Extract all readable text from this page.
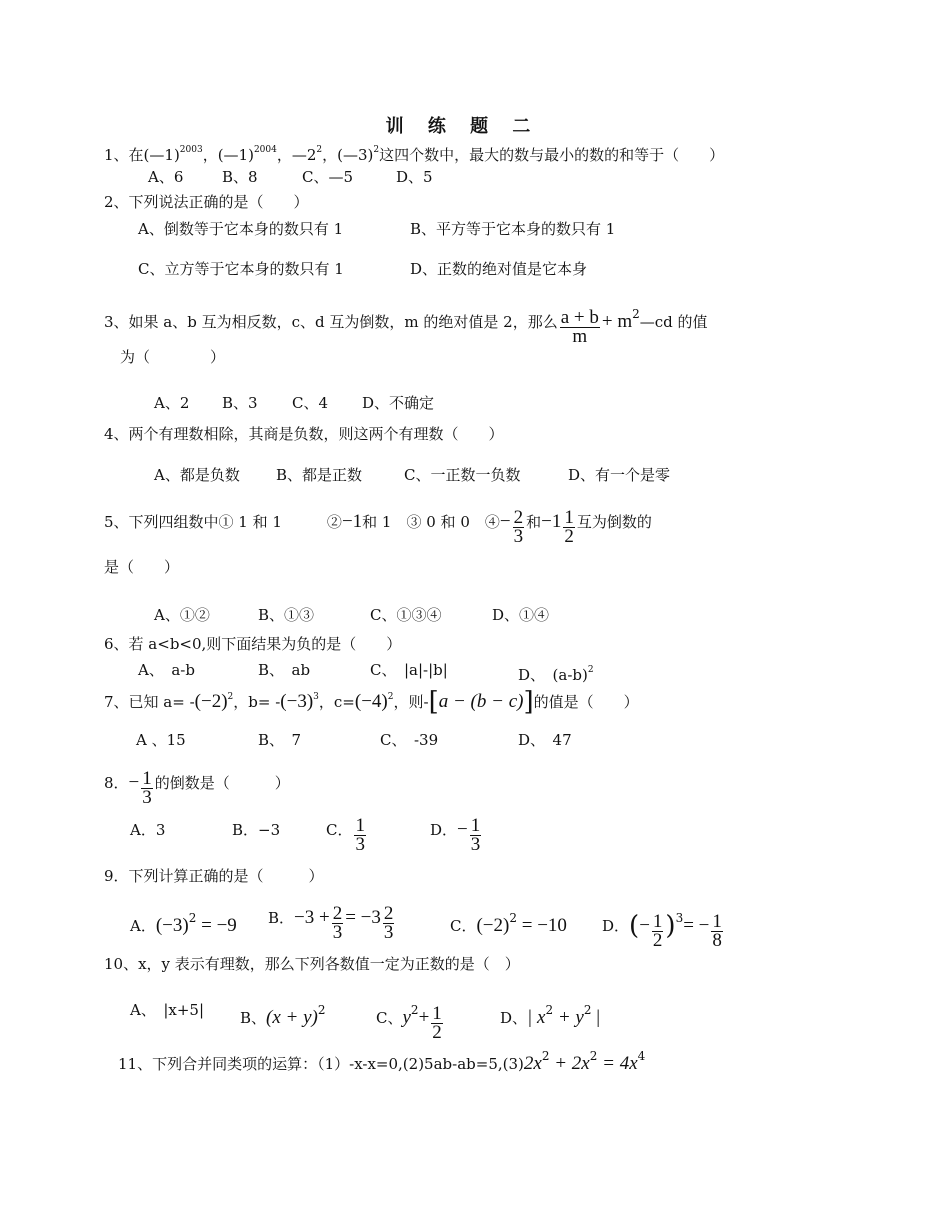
训 练 题 二
1、在(—1)$^{2003}$，(—1)$^{2004}$，$—2^2$，(—3)$^2$这四个数中，最大的数与最小的数的和等于（　　）
A、6	B、8	C、—5	D、5
2、下列说法正确的是（　　）
A、倒数等于它本身的数只有 1	B、平方等于它本身的数只有 1
C、立方等于它本身的数只有 1	D、正数的绝对值是它本身
3、如果 a、b 互为相反数，c、d 互为倒数，m 的绝对值是 2，那么 $\frac{a + b}{m}$ + $m^2—cd$ 的值
为（　　　　）
A、2 B、3 C、4 D、不确定
4、两个有理数相除，其商是负数，则这两个有理数（　　）
A、都是负数 B、都是正数	C、一正数一负数	D、有一个是零
5、下列四组数中① 1 和 1　　　②−1和 1　③ 0 和 0　④− $\frac{2}{3}$ 和$-1 \frac{1}{2}$ 互为倒数的
是（　　）
A、①②	B、①③	C、①③④	D、①④
6、若 a<b<0,则下面结果为负的是（　　）
A、　a-b	B、　ab	C、　|a|-|b|	D、　$(a-b)^2$
7、已知 $a= -(-2)^2$，$b= -(-3)^3$，$c=(-4)^2$，则-[a − (b − c)]的值是（　　）
A 、15	B、　7	C、　-39	D、　47
8．− $\frac{1}{3}$ 的倒数是（　　　）
A．3	B．−3	C． $\frac{1}{3}$	D．− $\frac{1}{3}$
9．下列计算正确的是（　　　）
A．$(-3)^2 = -9$ B．$-3 + \frac{2}{3} = -3 \frac{2}{3}$	C．$(-2)^2 = -10$ D．(− $\frac{1}{2} )^3= - \frac{1}{8}$
10、x，y 表示有理数，那么下列各数值一定为正数的是（　）
A、　|x+5| B、$(x + y)^2$	C、$y^2+ \frac{1}{2}$	D、| $x^2 + y^2$ |
11、下列合并同类项的运算：$(1)-x-x=0,(2)5ab-ab=5,(3)2x^2 + 2x^2 = 4x^4$
